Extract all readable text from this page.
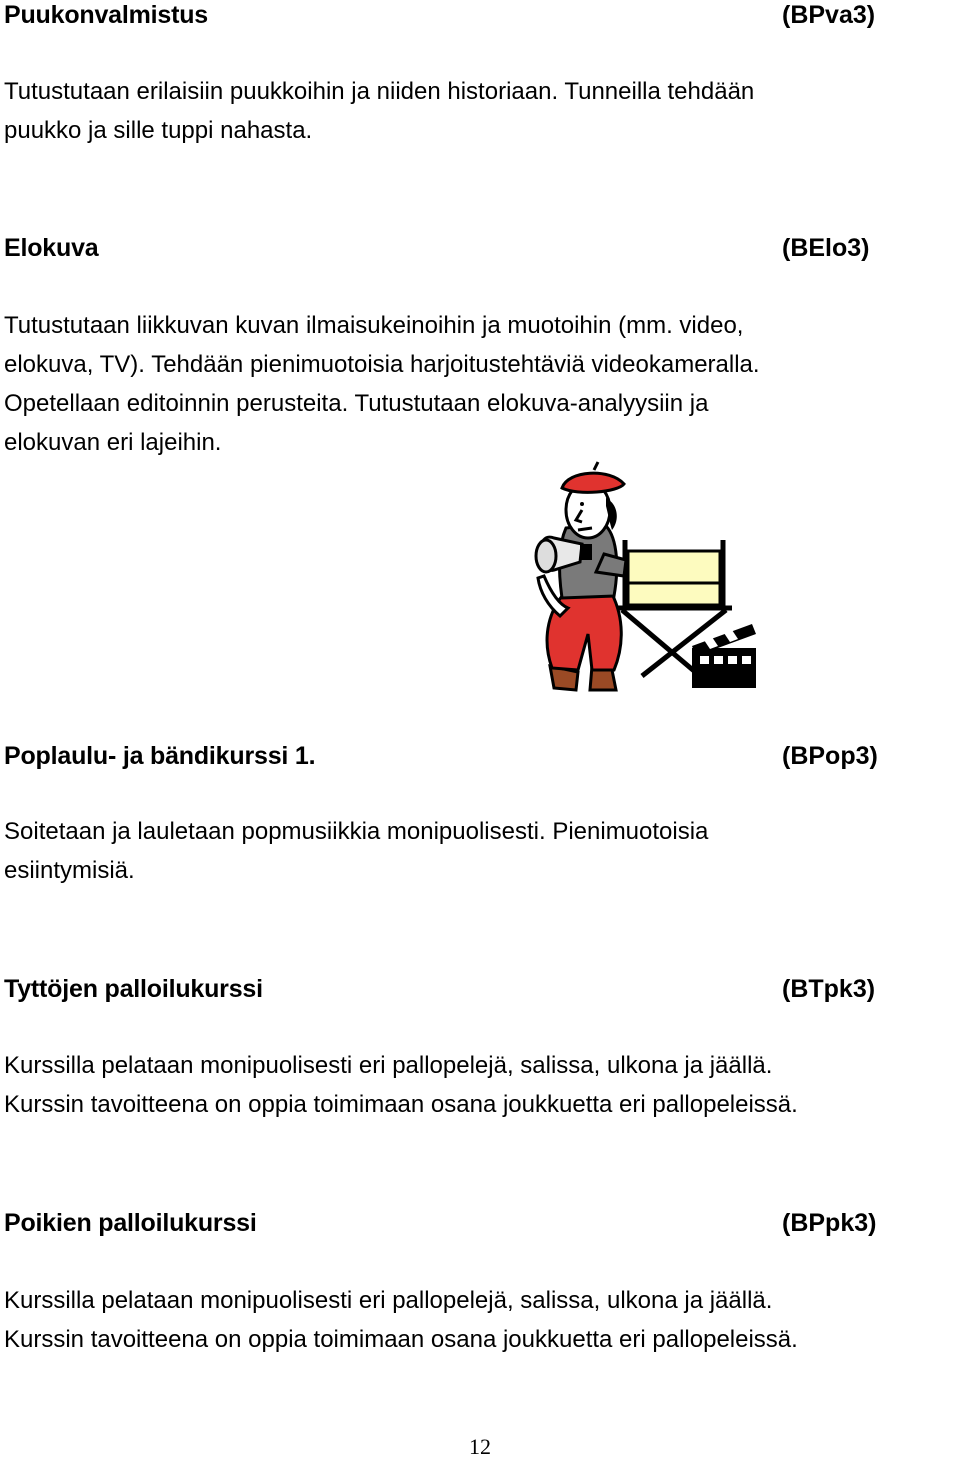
Puukonvalmistus	(BPva3)
Tutustutaan erilaisiin puukkoihin ja niiden historiaan. Tunneilla tehdään
puukko ja sille tuppi nahasta.
Elokuva	(BElo3)
Tutustutaan liikkuvan kuvan ilmaisukeinoihin ja muotoihin (mm. video,
elokuva, TV). Tehdään pienimuotoisia harjoitustehtäviä videokameralla.
Opetellaan editoinnin perusteita. Tutustutaan elokuva-analyysiin ja
elokuvan eri lajeihin.
Poplaulu- ja bändikurssi 1.	(BPop3)
Soitetaan ja lauletaan popmusiikkia monipuolisesti. Pienimuotoisia
esiintymisiä.
Tyttöjen palloilukurssi	(BTpk3)
Kurssilla pelataan monipuolisesti eri pallopelejä, salissa, ulkona ja jäällä.
Kurssin tavoitteena on oppia toimimaan osana joukkuetta eri pallopeleissä.
Poikien palloilukurssi	(BPpk3)
Kurssilla pelataan monipuolisesti eri pallopelejä, salissa, ulkona ja jäällä.
Kurssin tavoitteena on oppia toimimaan osana joukkuetta eri pallopeleissä.
12
